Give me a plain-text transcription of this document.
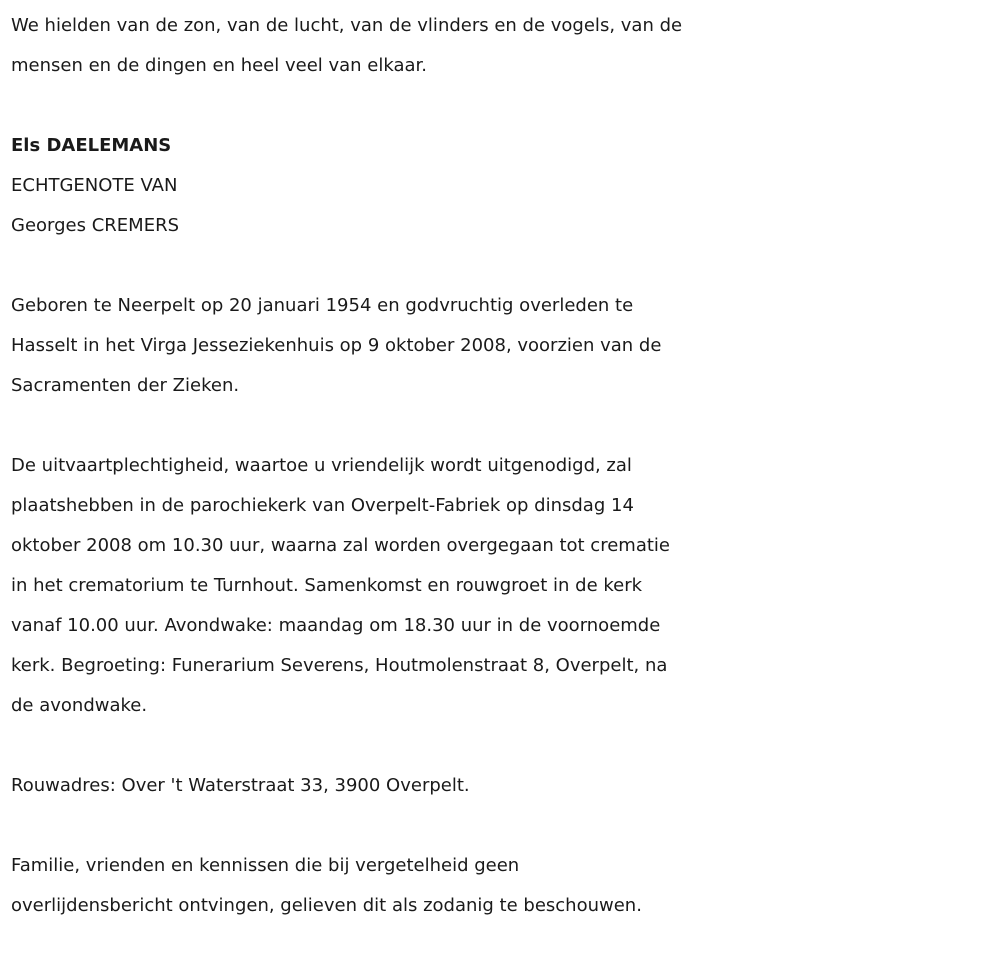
We hielden van de zon, van de lucht, van de vlinders en de vogels, van de
mensen en de dingen en heel veel van elkaar.
Els DAELEMANS
ECHTGENOTE VAN
Georges CREMERS
Geboren te Neerpelt op 20 januari 1954 en godvruchtig overleden te
Hasselt in het Virga Jesseziekenhuis op 9 oktober 2008, voorzien van de
Sacramenten der Zieken.
De uitvaartplechtigheid, waartoe u vriendelijk wordt uitgenodigd, zal
plaatshebben in de parochiekerk van Overpelt-Fabriek op dinsdag 14
oktober 2008 om 10.30 uur, waarna zal worden overgegaan tot crematie
in het crematorium te Turnhout. Samenkomst en rouwgroet in de kerk
vanaf 10.00 uur. Avondwake: maandag om 18.30 uur in de voornoemde
kerk. Begroeting: Funerarium Severens, Houtmolenstraat 8, Overpelt, na
de avondwake.
Rouwadres: Over 't Waterstraat 33, 3900 Overpelt.
Familie, vrienden en kennissen die bij vergetelheid geen
overlijdensbericht ontvingen, gelieven dit als zodanig te beschouwen.
